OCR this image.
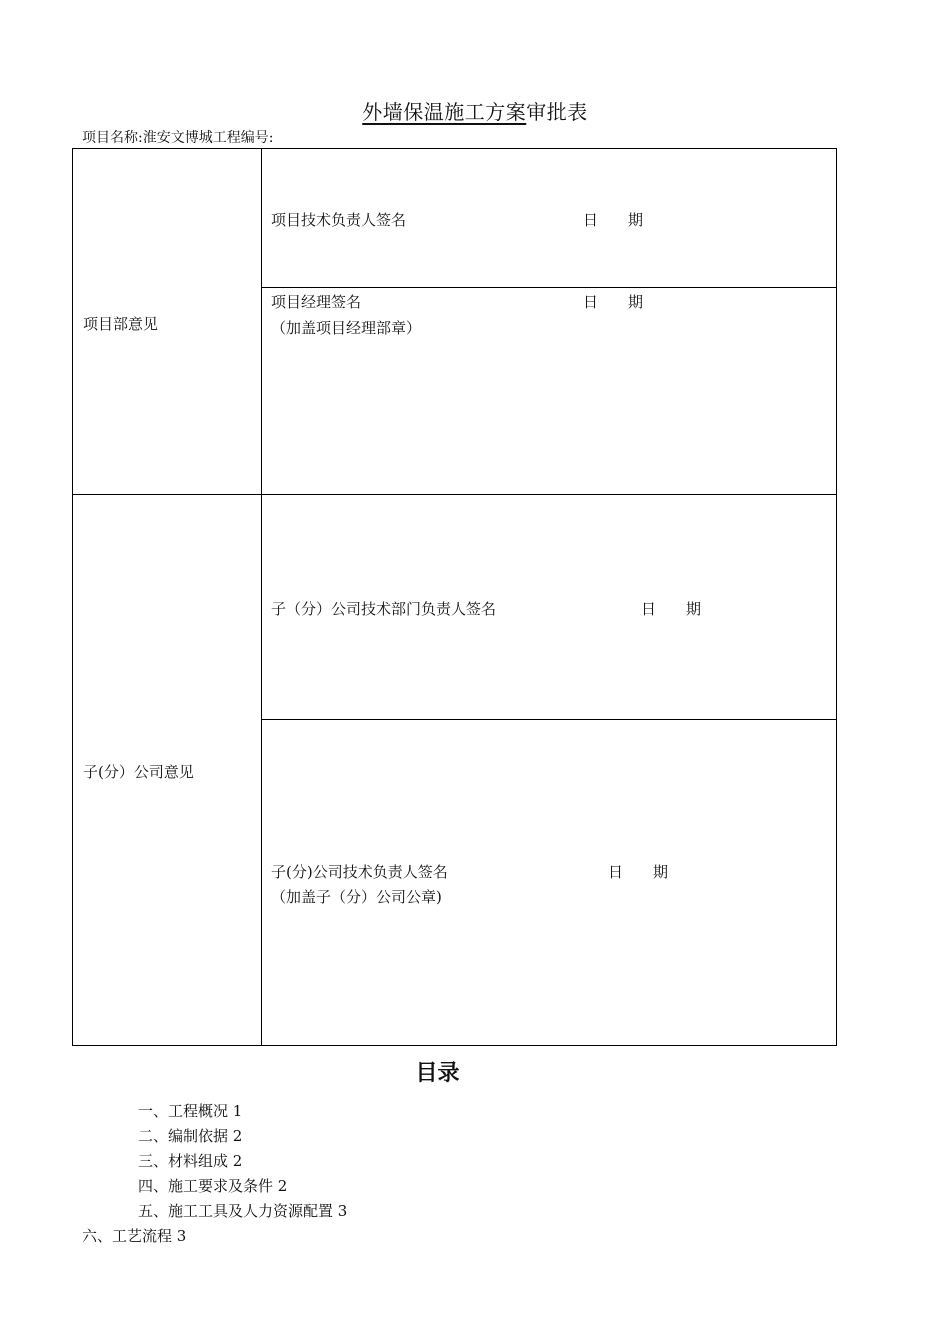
外墙保温施工方案审批表
项目名称:淮安文博城工程编号:
项目部意见
项目技术负责人签名	日　　期
项目经理签名	日　　期
（加盖项目经理部章）
子(分）公司意见
子（分）公司技术部门负责人签名	日　　期
子(分)公司技术负责人签名	日　　期
（加盖子（分）公司公章)
目录
一、工程概况 1
二、编制依据 2
三、材料组成 2
四、施工要求及条件 2
五、施工工具及人力资源配置 3
六、工艺流程 3
